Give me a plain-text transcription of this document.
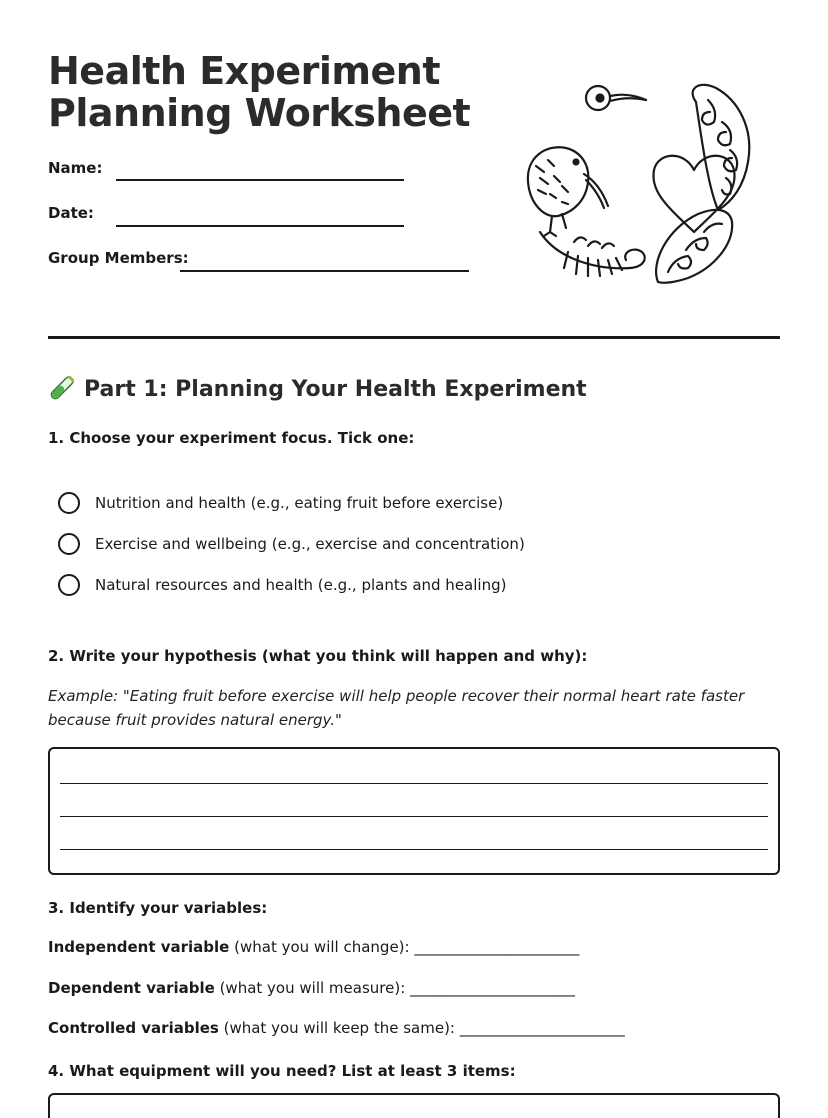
Health Experiment
Planning Worksheet
Name:
Date:
Group Members:
Part 1: Planning Your Health Experiment
1. Choose your experiment focus. Tick one:
Nutrition and health (e.g., eating fruit before exercise)
Exercise and wellbeing (e.g., exercise and concentration)
Natural resources and health (e.g., plants and healing)
2. Write your hypothesis (what you think will happen and why):
Example: "Eating fruit before exercise will help people recover their normal heart rate faster because fruit provides natural energy."
3. Identify your variables:
Independent variable (what you will change): ______________________
Dependent variable (what you will measure): ______________________
Controlled variables (what you will keep the same): ______________________
4. What equipment will you need? List at least 3 items:
